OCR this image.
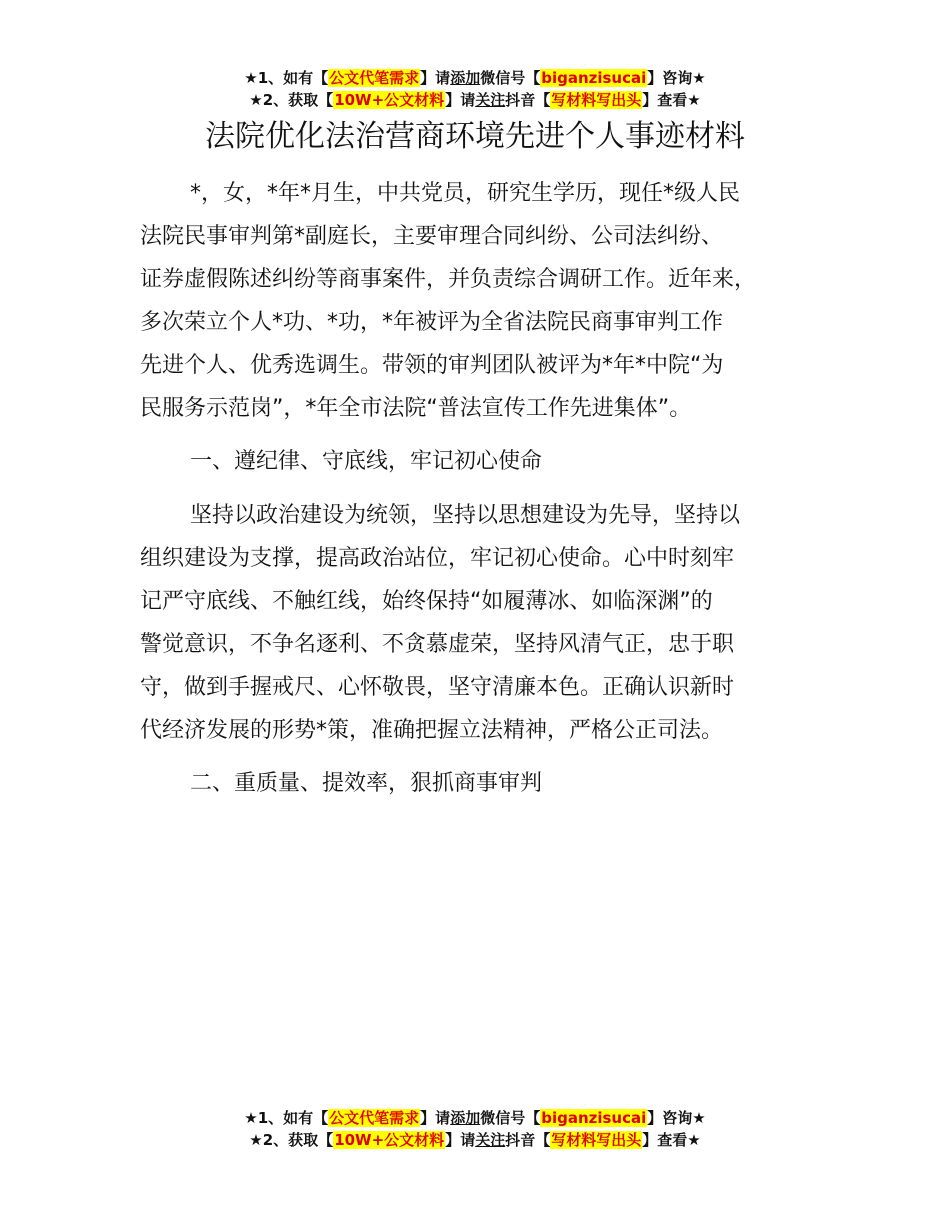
★1、如有【公文代笔需求】请添加微信号【biganzisucai】咨询★
★2、获取【10W+公文材料】请关注抖音【写材料写出头】查看★
法院优化法治营商环境先进个人事迹材料
*，女，*年*月生，中共党员，研究生学历，现任*级人民
法院民事审判第*副庭长，主要审理合同纠纷、公司法纠纷、
证券虚假陈述纠纷等商事案件，并负责综合调研工作。近年来，
多次荣立个人*功、*功，*年被评为全省法院民商事审判工作
先进个人、优秀选调生。带领的审判团队被评为*年*中院“为
民服务示范岗”，*年全市法院“普法宣传工作先进集体”。
一、遵纪律、守底线，牢记初心使命
坚持以政治建设为统领，坚持以思想建设为先导，坚持以
组织建设为支撑，提高政治站位，牢记初心使命。心中时刻牢
记严守底线、不触红线，始终保持“如履薄冰、如临深渊”的
警觉意识，不争名逐利、不贪慕虚荣，坚持风清气正，忠于职
守，做到手握戒尺、心怀敬畏，坚守清廉本色。正确认识新时
代经济发展的形势*策，准确把握立法精神，严格公正司法。
二、重质量、提效率，狠抓商事审判
★1、如有【公文代笔需求】请添加微信号【biganzisucai】咨询★
★2、获取【10W+公文材料】请关注抖音【写材料写出头】查看★
